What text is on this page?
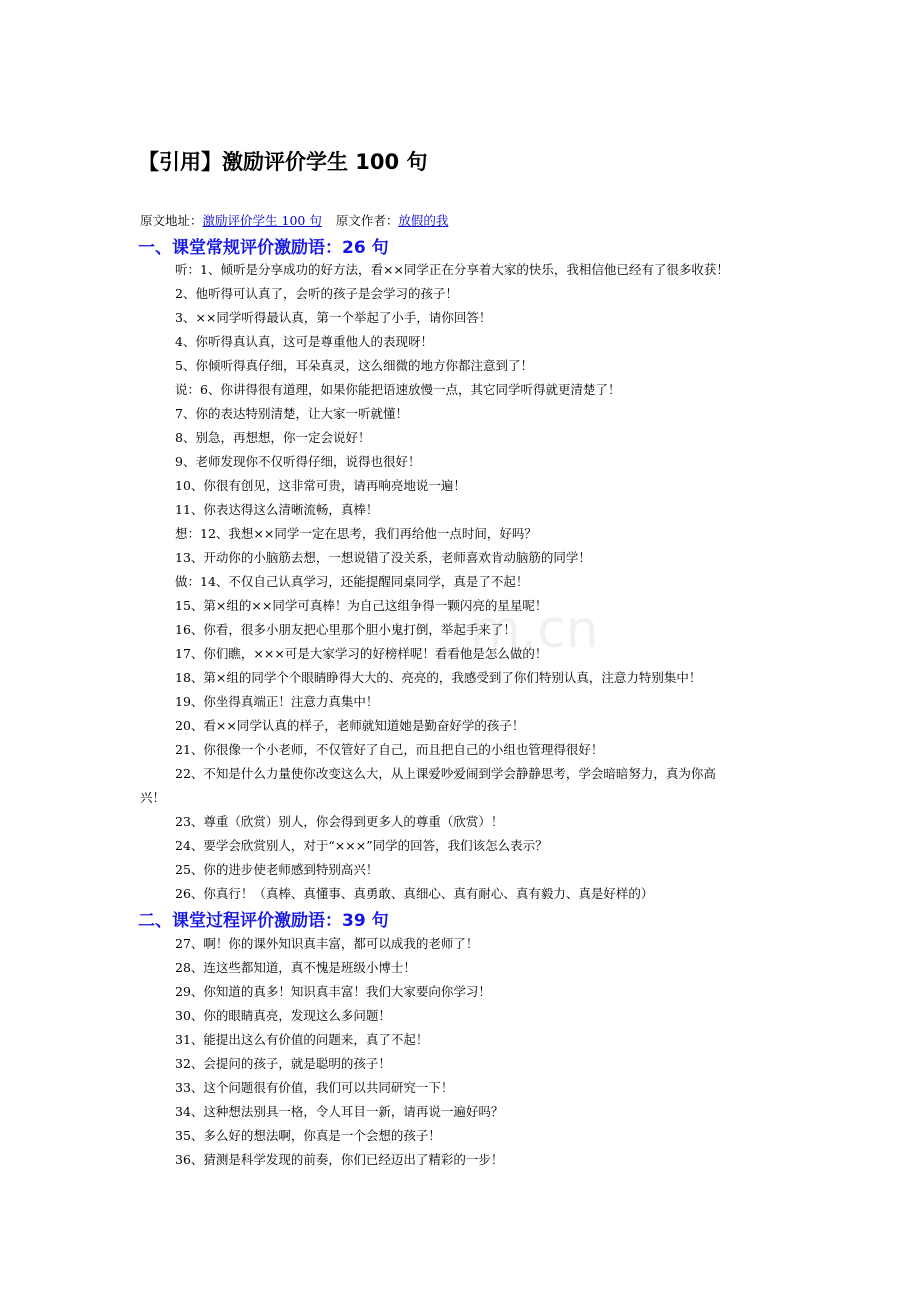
m.cn
【引用】激励评价学生 100 句
原文地址：激励评价学生 100 句 原文作者：放假的我
一、课堂常规评价激励语：26 句
听：1、倾听是分享成功的好方法，看××同学正在分享着大家的快乐，我相信他已经有了很多收获！
2、他听得可认真了，会听的孩子是会学习的孩子！
3、××同学听得最认真，第一个举起了小手，请你回答！
4、你听得真认真，这可是尊重他人的表现呀！
5、你倾听得真仔细，耳朵真灵，这么细微的地方你都注意到了！
说：6、你讲得很有道理，如果你能把语速放慢一点，其它同学听得就更清楚了！
7、你的表达特别清楚，让大家一听就懂！
8、别急，再想想，你一定会说好！
9、老师发现你不仅听得仔细，说得也很好！
10、你很有创见，这非常可贵，请再响亮地说一遍！
11、你表达得这么清晰流畅，真棒！
想：12、我想××同学一定在思考，我们再给他一点时间，好吗？
13、开动你的小脑筋去想，一想说错了没关系，老师喜欢肯动脑筋的同学！
做：14、不仅自己认真学习，还能提醒同桌同学，真是了不起！
15、第×组的××同学可真棒！为自己这组争得一颗闪亮的星星呢！
16、你看，很多小朋友把心里那个胆小鬼打倒，举起手来了！
17、你们瞧，×××可是大家学习的好榜样呢！看看他是怎么做的！
18、第×组的同学个个眼睛睁得大大的、亮亮的，我感受到了你们特别认真，注意力特别集中！
19、你坐得真端正！注意力真集中！
20、看××同学认真的样子，老师就知道她是勤奋好学的孩子！
21、你很像一个小老师，不仅管好了自己，而且把自己的小组也管理得很好！
22、不知是什么力量使你改变这么大，从上课爱吵爱闹到学会静静思考，学会暗暗努力，真为你高
兴！
23、尊重（欣赏）别人，你会得到更多人的尊重（欣赏）！
24、要学会欣赏别人，对于“×××”同学的回答，我们该怎么表示？
25、你的进步使老师感到特别高兴！
26、你真行！（真棒、真懂事、真勇敢、真细心、真有耐心、真有毅力、真是好样的）
二、课堂过程评价激励语：39 句
27、啊！你的课外知识真丰富，都可以成我的老师了！
28、连这些都知道，真不愧是班级小博士！
29、你知道的真多！知识真丰富！我们大家要向你学习！
30、你的眼睛真亮，发现这么多问题！
31、能提出这么有价值的问题来，真了不起！
32、会提问的孩子，就是聪明的孩子！
33、这个问题很有价值，我们可以共同研究一下！
34、这种想法别具一格，令人耳目一新，请再说一遍好吗？
35、多么好的想法啊，你真是一个会想的孩子！
36、猜测是科学发现的前奏，你们已经迈出了精彩的一步！
